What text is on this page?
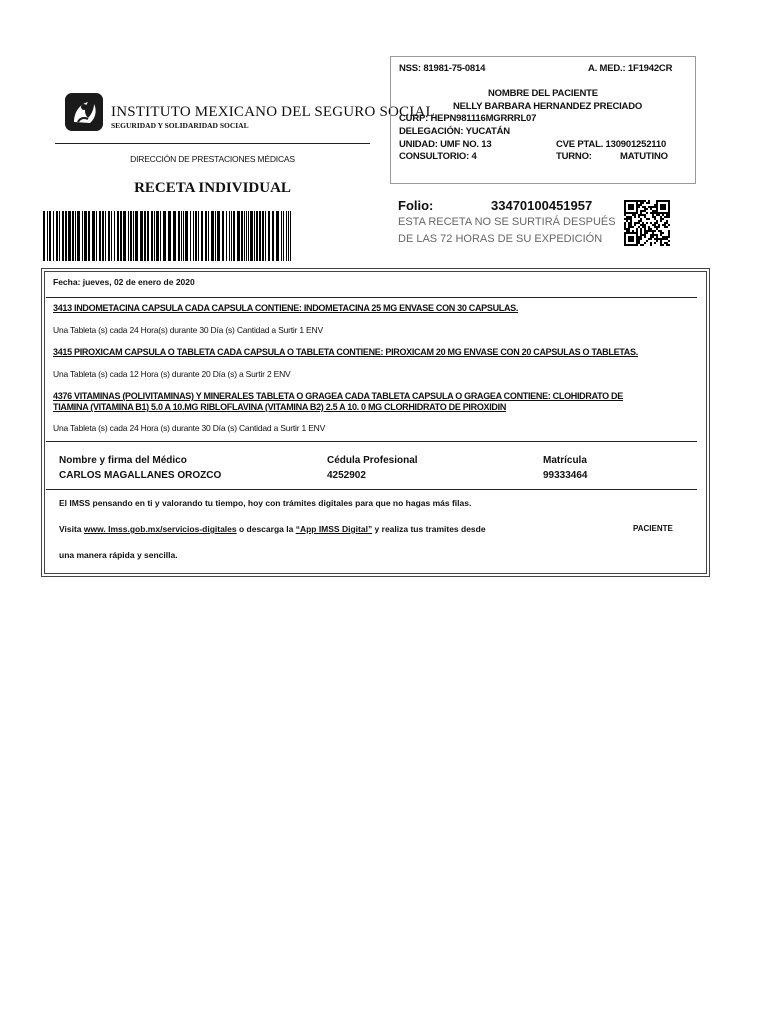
INSTITUTO MEXICANO DEL SEGURO SOCIAL
SEGURIDAD Y SOLIDARIDAD SOCIAL
DIRECCIÓN DE PRESTACIONES MÉDICAS
RECETA INDIVIDUAL
NSS: 81981-75-0814	A. MED.: 1F1942CR
NOMBRE DEL PACIENTE
NELLY BARBARA HERNANDEZ PRECIADO
CURP: HEPN981116MGRRRL07
DELEGACIÓN: YUCATÁN
UNIDAD: UMF NO. 13	CVE PTAL. 130901252110
CONSULTORIO: 4	TURNO:	MATUTINO
Folio:	33470100451957
ESTA RECETA NO SE SURTIRÁ DESPUÉS
DE LAS 72 HORAS DE SU EXPEDICIÓN
Fecha: jueves, 02 de enero de 2020
3413 INDOMETACINA CAPSULA CADA CAPSULA CONTIENE: INDOMETACINA 25 MG ENVASE CON 30 CAPSULAS.
Una Tableta (s) cada 24 Hora(s) durante 30 Día (s) Cantidad a Surtir 1 ENV
3415 PIROXICAM CAPSULA O TABLETA CADA CAPSULA O TABLETA CONTIENE: PIROXICAM 20 MG ENVASE CON 20 CAPSULAS O TABLETAS.
Una Tableta (s) cada 12 Hora (s) durante 20 Día (s) a Surtir 2 ENV
4376 VITAMINAS (POLIVITAMINAS) Y MINERALES TABLETA O GRAGEA CADA TABLETA CAPSULA O GRAGEA CONTIENE: CLOHIDRATO DE
TIAMINA (VITAMINA B1) 5.0 A 10.MG RIBLOFLAVINA (VITAMINA B2) 2.5 A 10. 0 MG CLORHIDRATO DE PIROXIDIN
Una Tableta (s) cada 24 Hora (s) durante 30 Día (s) Cantidad a Surtir 1 ENV
Nombre y firma del Médico
CARLOS MAGALLANES OROZCO
Cédula Profesional
4252902
Matrícula
99333464
El IMSS pensando en ti y valorando tu tiempo, hoy con trámites digitales para que no hagas más filas.
Visita www. Imss.gob.mx/servicios-digitales o descarga la “App IMSS Digital” y realiza tus tramites desde	PACIENTE
una manera rápida y sencilla.
